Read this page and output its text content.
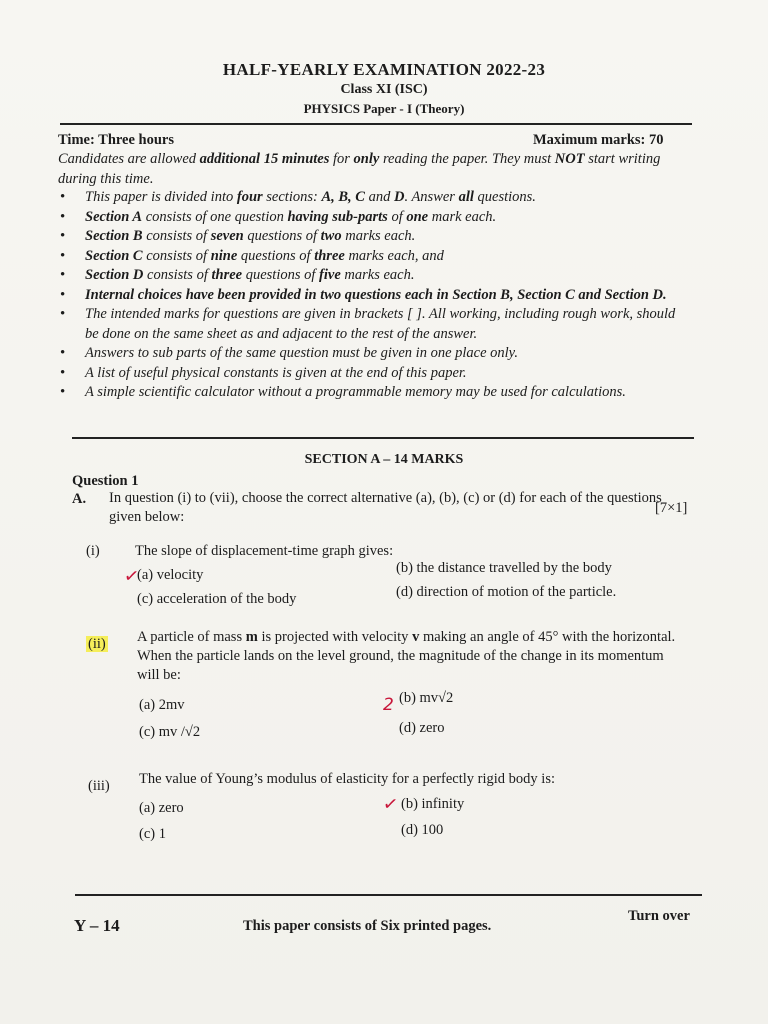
HALF-YEARLY EXAMINATION 2022-23
Class XI (ISC)
PHYSICS Paper - I (Theory)
Time: Three hours	Maximum marks: 70
Candidates are allowed additional 15 minutes for only reading the paper. They must NOT start writing during this time.
• This paper is divided into four sections: A, B, C and D. Answer all questions.
• Section A consists of one question having sub-parts of one mark each.
• Section B consists of seven questions of two marks each.
• Section C consists of nine questions of three marks each, and
• Section D consists of three questions of five marks each.
• Internal choices have been provided in two questions each in Section B, Section C and Section D.
• The intended marks for questions are given in brackets [ ]. All working, including rough work, should be done on the same sheet as and adjacent to the rest of the answer.
• Answers to sub parts of the same question must be given in one place only.
• A list of useful physical constants is given at the end of this paper.
• A simple scientific calculator without a programmable memory may be used for calculations.
SECTION A – 14 MARKS
Question 1
A. In question (i) to (vii), choose the correct alternative (a), (b), (c) or (d) for each of the questions given below:
[7×1]
(i) The slope of displacement-time graph gives:
(a) velocity	(b) the distance travelled by the body
(c) acceleration of the body	(d) direction of motion of the particle.
✓
(ii) A particle of mass m is projected with velocity v making an angle of 45° with the horizontal. When the particle lands on the level ground, the magnitude of the change in its momentum will be:
(a) 2mv	(b) mv√2
(c) mv /√2	(d) zero
2
(iii) The value of Young’s modulus of elasticity for a perfectly rigid body is:
(a) zero	(b) infinity
(c) 1	(d) 100
✓
Y – 14	This paper consists of Six printed pages.
Turn over
